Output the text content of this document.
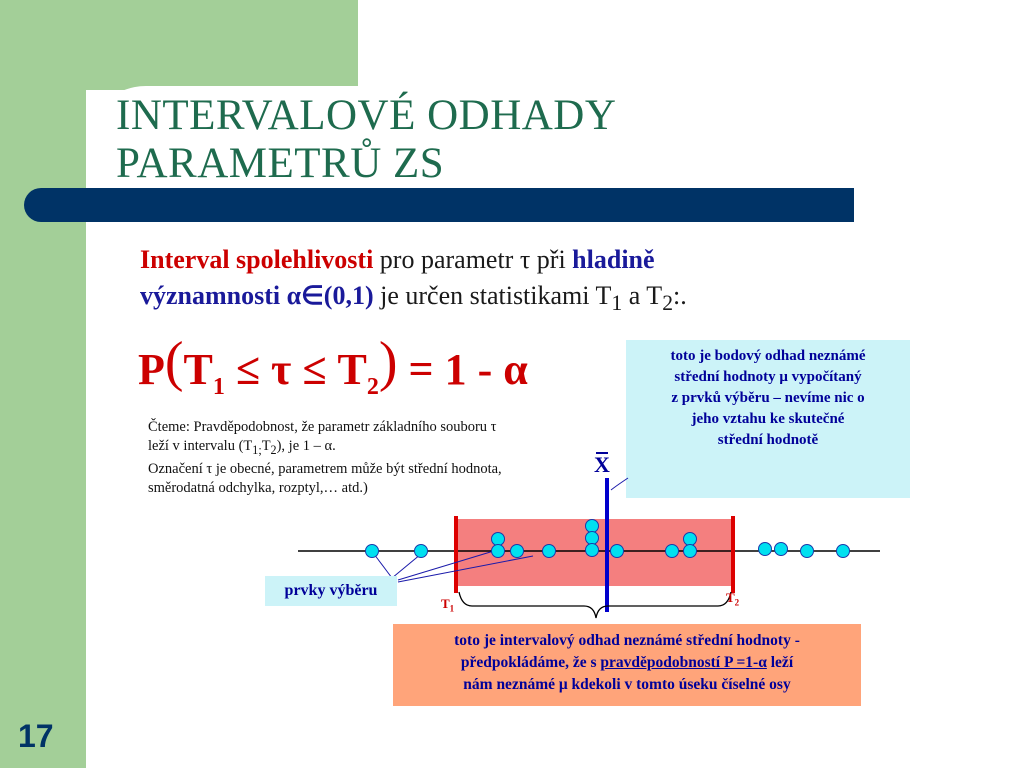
INTERVALOVÉ ODHADY
PARAMETRŮ ZS
Interval spolehlivosti pro parametr τ při hladině
významnosti α∈(0,1) je určen statistikami $T_1$ a $T_2$:.
$P(T_1 \le \tau \le T_2) = 1 - \alpha$
Čteme: Pravděpodobnost, že parametr základního souboru τ
leží v intervalu $(T_{1;}T_2)$, je 1 – α.
Označení τ je obecné, parametrem může být střední hodnota,
směrodatná odchylka, rozptyl,… atd.)
toto je bodový odhad neznámé
střední hodnoty μ vypočítaný
z prvků výběru – nevíme nic o
jeho vztahu ke skutečné
střední hodnotě
X
$T_1$
$T_2$
prvky výběru
toto je intervalový odhad neznámé střední hodnoty -
předpokládáme, že s pravděpodobností P =1-α leží
nám neznámé μ kdekoli v tomto úseku číselné osy
17
